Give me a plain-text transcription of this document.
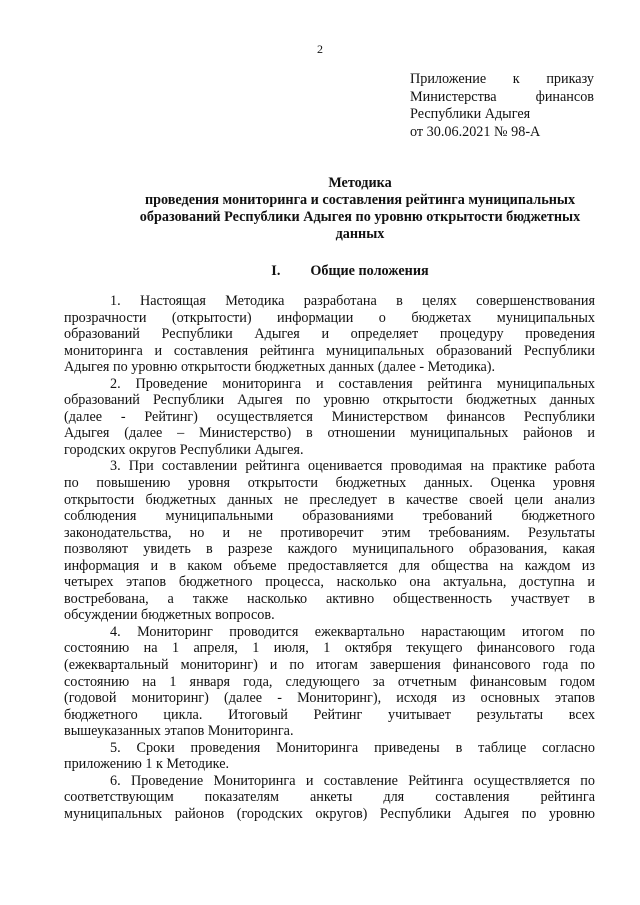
2
Приложение к приказу
Министерства финансов
Республики Адыгея
от 30.06.2021 № 98-А
Методика
проведения мониторинга и составления рейтинга муниципальных
образований Республики Адыгея по уровню открытости бюджетных
данных
I. Общие положения
1. Настоящая Методика разработана в целях совершенствования
прозрачности (открытости) информации о бюджетах муниципальных
образований Республики Адыгея и определяет процедуру проведения
мониторинга и составления рейтинга муниципальных образований Республики
Адыгея по уровню открытости бюджетных данных (далее - Методика).
2. Проведение мониторинга и составления рейтинга муниципальных
образований Республики Адыгея по уровню открытости бюджетных данных
(далее - Рейтинг) осуществляется Министерством финансов Республики
Адыгея (далее – Министерство) в отношении муниципальных районов и
городских округов Республики Адыгея.
3. При составлении рейтинга оценивается проводимая на практике работа
по повышению уровня открытости бюджетных данных. Оценка уровня
открытости бюджетных данных не преследует в качестве своей цели анализ
соблюдения муниципальными образованиями требований бюджетного
законодательства, но и не противоречит этим требованиям. Результаты
позволяют увидеть в разрезе каждого муниципального образования, какая
информация и в каком объеме предоставляется для общества на каждом из
четырех этапов бюджетного процесса, насколько она актуальна, доступна и
востребована, а также насколько активно общественность участвует в
обсуждении бюджетных вопросов.
4. Мониторинг проводится ежеквартально нарастающим итогом по
состоянию на 1 апреля, 1 июля, 1 октября текущего финансового года
(ежеквартальный мониторинг) и по итогам завершения финансового года по
состоянию на 1 января года, следующего за отчетным финансовым годом
(годовой мониторинг) (далее - Мониторинг), исходя из основных этапов
бюджетного цикла. Итоговый Рейтинг учитывает результаты всех
вышеуказанных этапов Мониторинга.
5. Сроки проведения Мониторинга приведены в таблице согласно
приложению 1 к Методике.
6. Проведение Мониторинга и составление Рейтинга осуществляется по
соответствующим показателям анкеты для составления рейтинга
муниципальных районов (городских округов) Республики Адыгея по уровню
